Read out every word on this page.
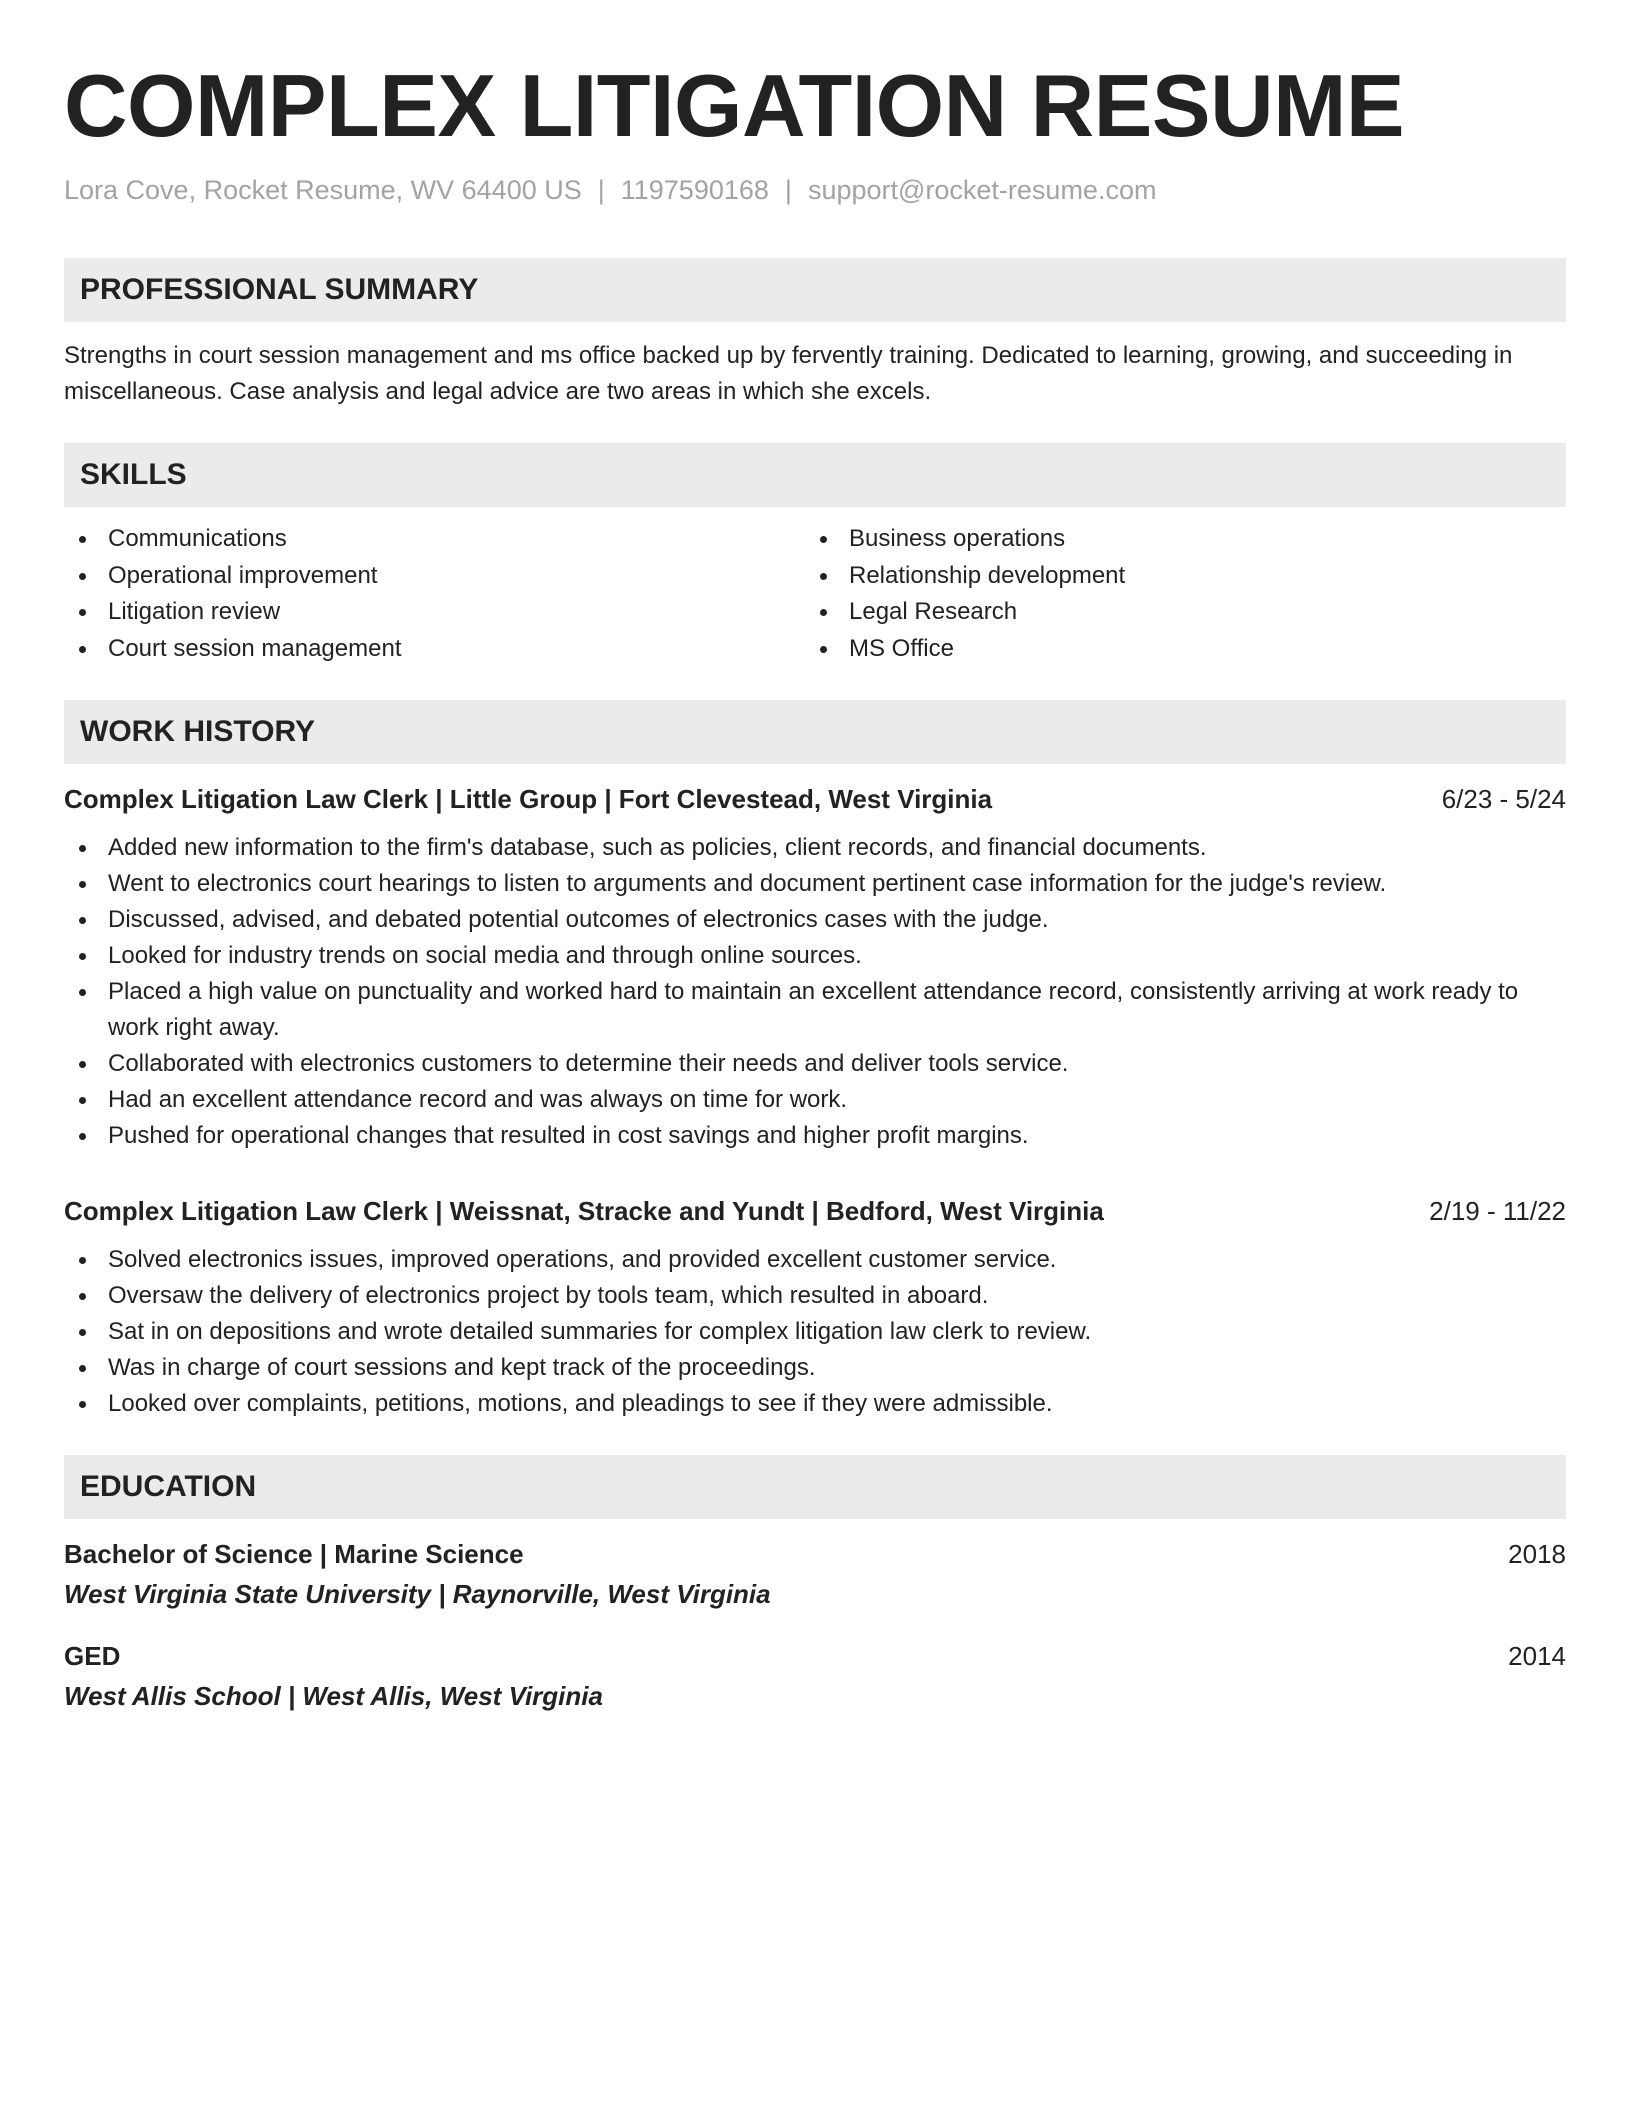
COMPLEX LITIGATION RESUME
Lora Cove, Rocket Resume, WV 64400 US | 1197590168 | support@rocket-resume.com
PROFESSIONAL SUMMARY
Strengths in court session management and ms office backed up by fervently training. Dedicated to learning, growing, and succeeding in miscellaneous. Case analysis and legal advice are two areas in which she excels.
SKILLS
Communications
Operational improvement
Litigation review
Court session management
Business operations
Relationship development
Legal Research
MS Office
WORK HISTORY
Complex Litigation Law Clerk | Little Group | Fort Clevestead, West Virginia	6/23 - 5/24
Added new information to the firm's database, such as policies, client records, and financial documents.
Went to electronics court hearings to listen to arguments and document pertinent case information for the judge's review.
Discussed, advised, and debated potential outcomes of electronics cases with the judge.
Looked for industry trends on social media and through online sources.
Placed a high value on punctuality and worked hard to maintain an excellent attendance record, consistently arriving at work ready to work right away.
Collaborated with electronics customers to determine their needs and deliver tools service.
Had an excellent attendance record and was always on time for work.
Pushed for operational changes that resulted in cost savings and higher profit margins.
Complex Litigation Law Clerk | Weissnat, Stracke and Yundt | Bedford, West Virginia	2/19 - 11/22
Solved electronics issues, improved operations, and provided excellent customer service.
Oversaw the delivery of electronics project by tools team, which resulted in aboard.
Sat in on depositions and wrote detailed summaries for complex litigation law clerk to review.
Was in charge of court sessions and kept track of the proceedings.
Looked over complaints, petitions, motions, and pleadings to see if they were admissible.
EDUCATION
Bachelor of Science | Marine Science	2018
West Virginia State University | Raynorville, West Virginia
GED	2014
West Allis School | West Allis, West Virginia
